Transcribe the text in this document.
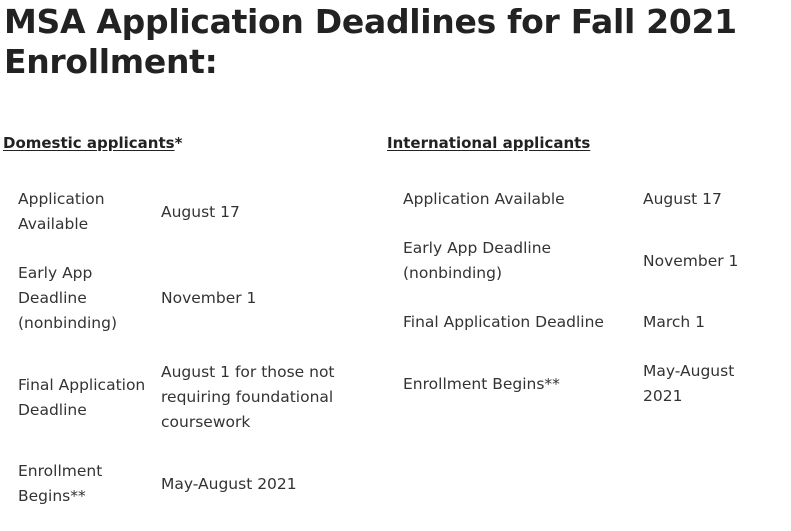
MSA Application Deadlines for Fall 2021 Enrollment:
Domestic applicants*
Application Available
August 17
Early App Deadline (nonbinding)
November 1
Final Application Deadline
August 1 for those not requiring foundational coursework
Enrollment Begins**
May-August 2021
International applicants
Application Available	August 17
Early App Deadline (nonbinding)
November 1
Final Application Deadline	March 1
Enrollment Begins**
May-August 2021
